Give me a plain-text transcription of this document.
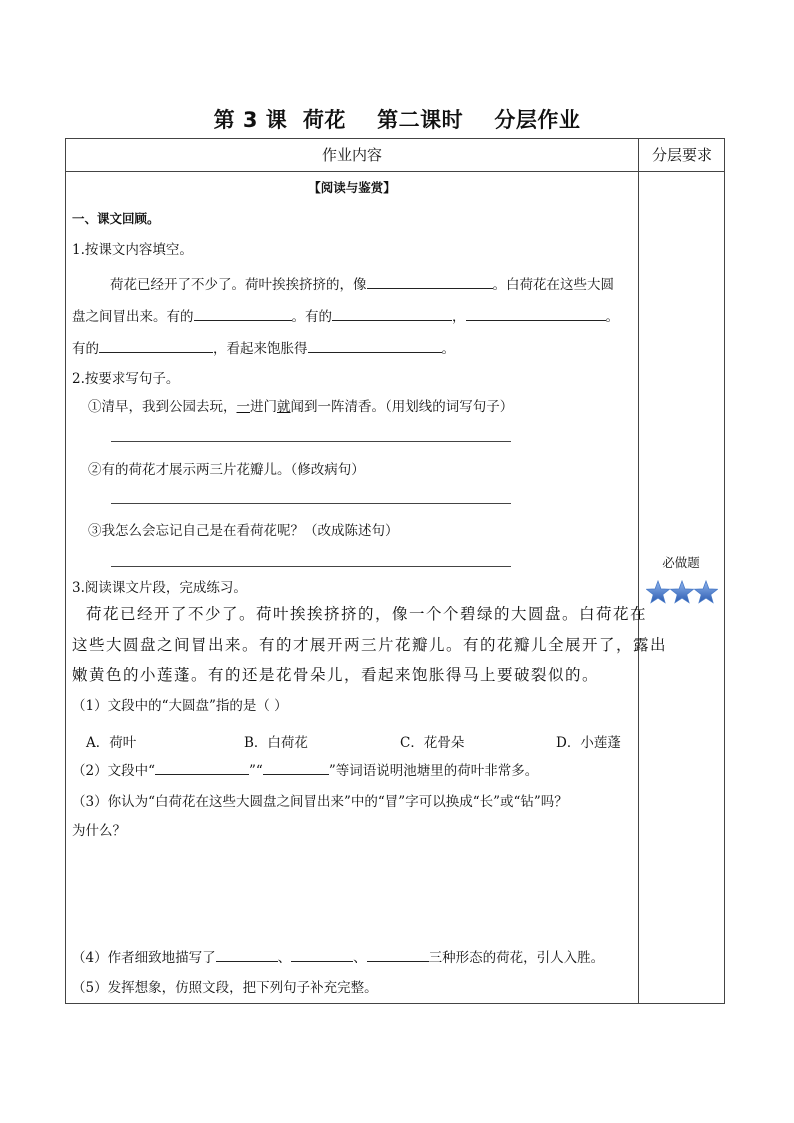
第 3 课  荷花    第二课时    分层作业
作业内容	分层要求
【阅读与鉴赏】
一、课文回顾。
1.按课文内容填空。
荷花已经开了不少了。荷叶挨挨挤挤的，像	。白荷花在这些大圆
盘之间冒出来。有的	。有的	，	。
有的	，看起来饱胀得	。
2.按要求写句子。
①清早，我到公园去玩，一进门就闻到一阵清香。（用划线的词写句子）
②有的荷花才展示两三片花瓣儿。（修改病句）
③我怎么会忘记自己是在看荷花呢？（改成陈述句）
3.阅读课文片段，完成练习。
荷花已经开了不少了。荷叶挨挨挤挤的，像一个个碧绿的大圆盘。白荷花在
这些大圆盘之间冒出来。有的才展开两三片花瓣儿。有的花瓣儿全展开了，露出
嫩黄色的小莲蓬。有的还是花骨朵儿，看起来饱胀得马上要破裂似的。
（1）文段中的“大圆盘”指的是（ ）
A．荷叶	B．白荷花	C．花骨朵	D．小莲蓬
（2）文段中“	”“	”等词语说明池塘里的荷叶非常多。
（3）你认为“白荷花在这些大圆盘之间冒出来”中的“冒”字可以换成“长”或“钻”吗？
为什么？
（4）作者细致地描写了	、	、	三种形态的荷花，引人入胜。
（5）发挥想象，仿照文段，把下列句子补充完整。
必做题
